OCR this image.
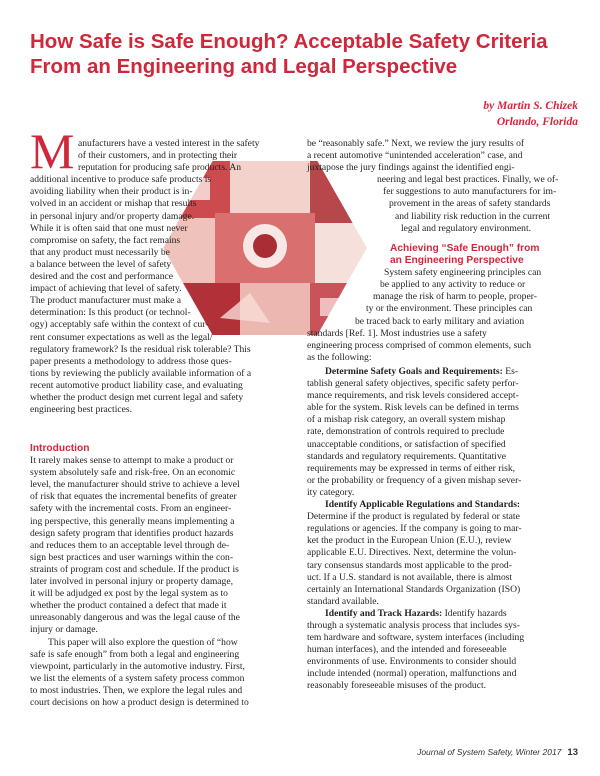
How Safe is Safe Enough? Acceptable Safety Criteria
From an Engineering and Legal Perspective
by Martin S. Chizek
Orlando, Florida
M anufacturers have a vested interest in the safety
of their customers, and in protecting their
reputation for producing safe products. An
additional incentive to produce safe products is
avoiding liability when their product is in-
volved in an accident or mishap that results
in personal injury and/or property damage.
While it is often said that one must never
compromise on safety, the fact remains
that any product must necessarily be
a balance between the level of safety
desired and the cost and performance
impact of achieving that level of safety.
The product manufacturer must make a
determination: Is this product (or technol-
ogy) acceptably safe within the context of cur-
rent consumer expectations as well as the legal/
regulatory framework? Is the residual risk tolerable? This
paper presents a methodology to address those ques-
tions by reviewing the publicly available information of a
recent automotive product liability case, and evaluating
whether the product design met current legal and safety
engineering best practices.
Introduction
It rarely makes sense to attempt to make a product or
system absolutely safe and risk-free. On an economic
level, the manufacturer should strive to achieve a level
of risk that equates the incremental benefits of greater
safety with the incremental costs. From an engineer-
ing perspective, this generally means implementing a
design safety program that identifies product hazards
and reduces them to an acceptable level through de-
sign best practices and user warnings within the con-
straints of program cost and schedule. If the product is
later involved in personal injury or property damage,
it will be adjudged ex post by the legal system as to
whether the product contained a defect that made it
unreasonably dangerous and was the legal cause of the
injury or damage.
This paper will also explore the question of “how
safe is safe enough” from both a legal and engineering
viewpoint, particularly in the automotive industry. First,
we list the elements of a system safety process common
to most industries. Then, we explore the legal rules and
court decisions on how a product design is determined to
be “reasonably safe.” Next, we review the jury results of
a recent automotive “unintended acceleration” case, and
juxtapose the jury findings against the identified engi-
neering and legal best practices. Finally, we of-
fer suggestions to auto manufacturers for im-
provement in the areas of safety standards
and liability risk reduction in the current
legal and regulatory environment.
Achieving “Safe Enough” from
an Engineering Perspective
System safety engineering principles can
be applied to any activity to reduce or
manage the risk of harm to people, proper-
ty or the environment. These principles can
be traced back to early military and aviation
standards [Ref. 1]. Most industries use a safety
engineering process comprised of common elements, such
as the following:
Determine Safety Goals and Requirements: Es-
tablish general safety objectives, specific safety perfor-
mance requirements, and risk levels considered accept-
able for the system. Risk levels can be defined in terms
of a mishap risk category, an overall system mishap
rate, demonstration of controls required to preclude
unacceptable conditions, or satisfaction of specified
standards and regulatory requirements. Quantitative
requirements may be expressed in terms of either risk,
or the probability or frequency of a given mishap sever-
ity category.
Identify Applicable Regulations and Standards:
Determine if the product is regulated by federal or state
regulations or agencies. If the company is going to mar-
ket the product in the European Union (E.U.), review
applicable E.U. Directives. Next, determine the volun-
tary consensus standards most applicable to the prod-
uct. If a U.S. standard is not available, there is almost
certainly an International Standards Organization (ISO)
standard available.
Identify and Track Hazards: Identify hazards
through a systematic analysis process that includes sys-
tem hardware and software, system interfaces (including
human interfaces), and the intended and foreseeable
environments of use. Environments to consider should
include intended (normal) operation, malfunctions and
reasonably foreseeable misuses of the product.
Journal of System Safety, Winter 2017 13
